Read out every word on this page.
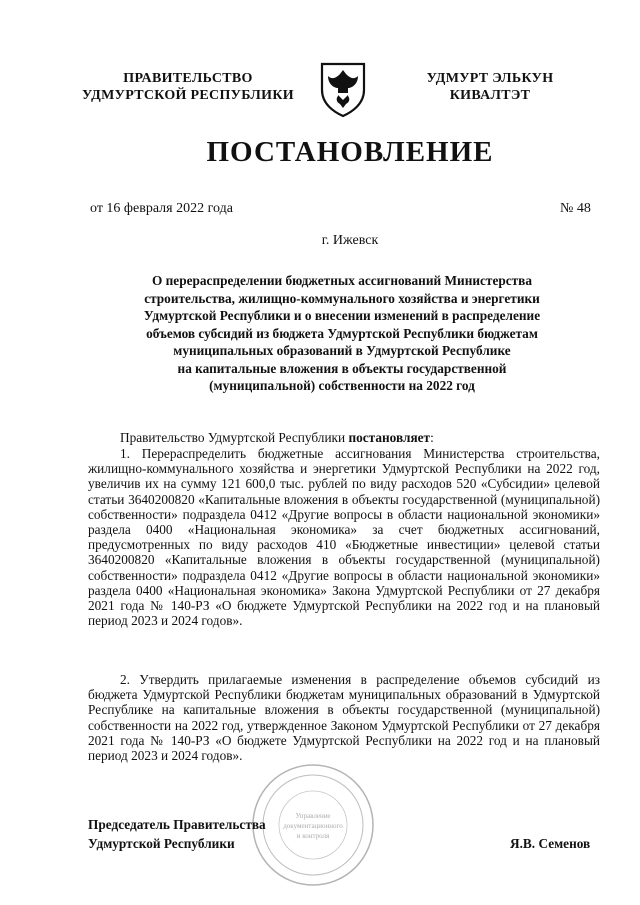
ПРАВИТЕЛЬСТВО
УДМУРТСКОЙ РЕСПУБЛИКИ
УДМУРТ ЭЛЬКУН
КИВАЛТЭТ
ПОСТАНОВЛЕНИЕ
от 16 февраля 2022 года	№ 48
г. Ижевск
О перераспределении бюджетных ассигнований Министерства
строительства, жилищно-коммунального хозяйства и энергетики
Удмуртской Республики и о внесении изменений в распределение
объемов субсидий из бюджета Удмуртской Республики бюджетам
муниципальных образований в Удмуртской Республике
на капитальные вложения в объекты государственной
(муниципальной) собственности на 2022 год
Правительство Удмуртской Республики постановляет:
1. Перераспределить бюджетные ассигнования Министерства строительства, жилищно-коммунального хозяйства и энергетики Удмуртской Республики на 2022 год, увеличив их на сумму 121 600,0 тыс. рублей по виду расходов 520 «Субсидии» целевой статьи 3640200820 «Капитальные вложения в объекты государственной (муниципальной) собственности» подраздела 0412 «Другие вопросы в области национальной экономики» раздела 0400 «Национальная экономика» за счет бюджетных ассигнований, предусмотренных по виду расходов 410 «Бюджетные инвестиции» целевой статьи 3640200820 «Капитальные вложения в объекты государственной (муниципальной) собственности» подраздела 0412 «Другие вопросы в области национальной экономики» раздела 0400 «Национальная экономика» Закона Удмуртской Республики от 27 декабря 2021 года № 140-РЗ «О бюджете Удмуртской Республики на 2022 год и на плановый период 2023 и 2024 годов».
2. Утвердить прилагаемые изменения в распределение объемов субсидий из бюджета Удмуртской Республики бюджетам муниципальных образований в Удмуртской Республике на капитальные вложения в объекты государственной (муниципальной) собственности на 2022 год, утвержденное Законом Удмуртской Республики от 27 декабря 2021 года № 140-РЗ «О бюджете Удмуртской Республики на 2022 год и на плановый период 2023 и 2024 годов».
Управление
документационного
и контроля
Председатель Правительства
Удмуртской Республики	Я.В. Семенов
